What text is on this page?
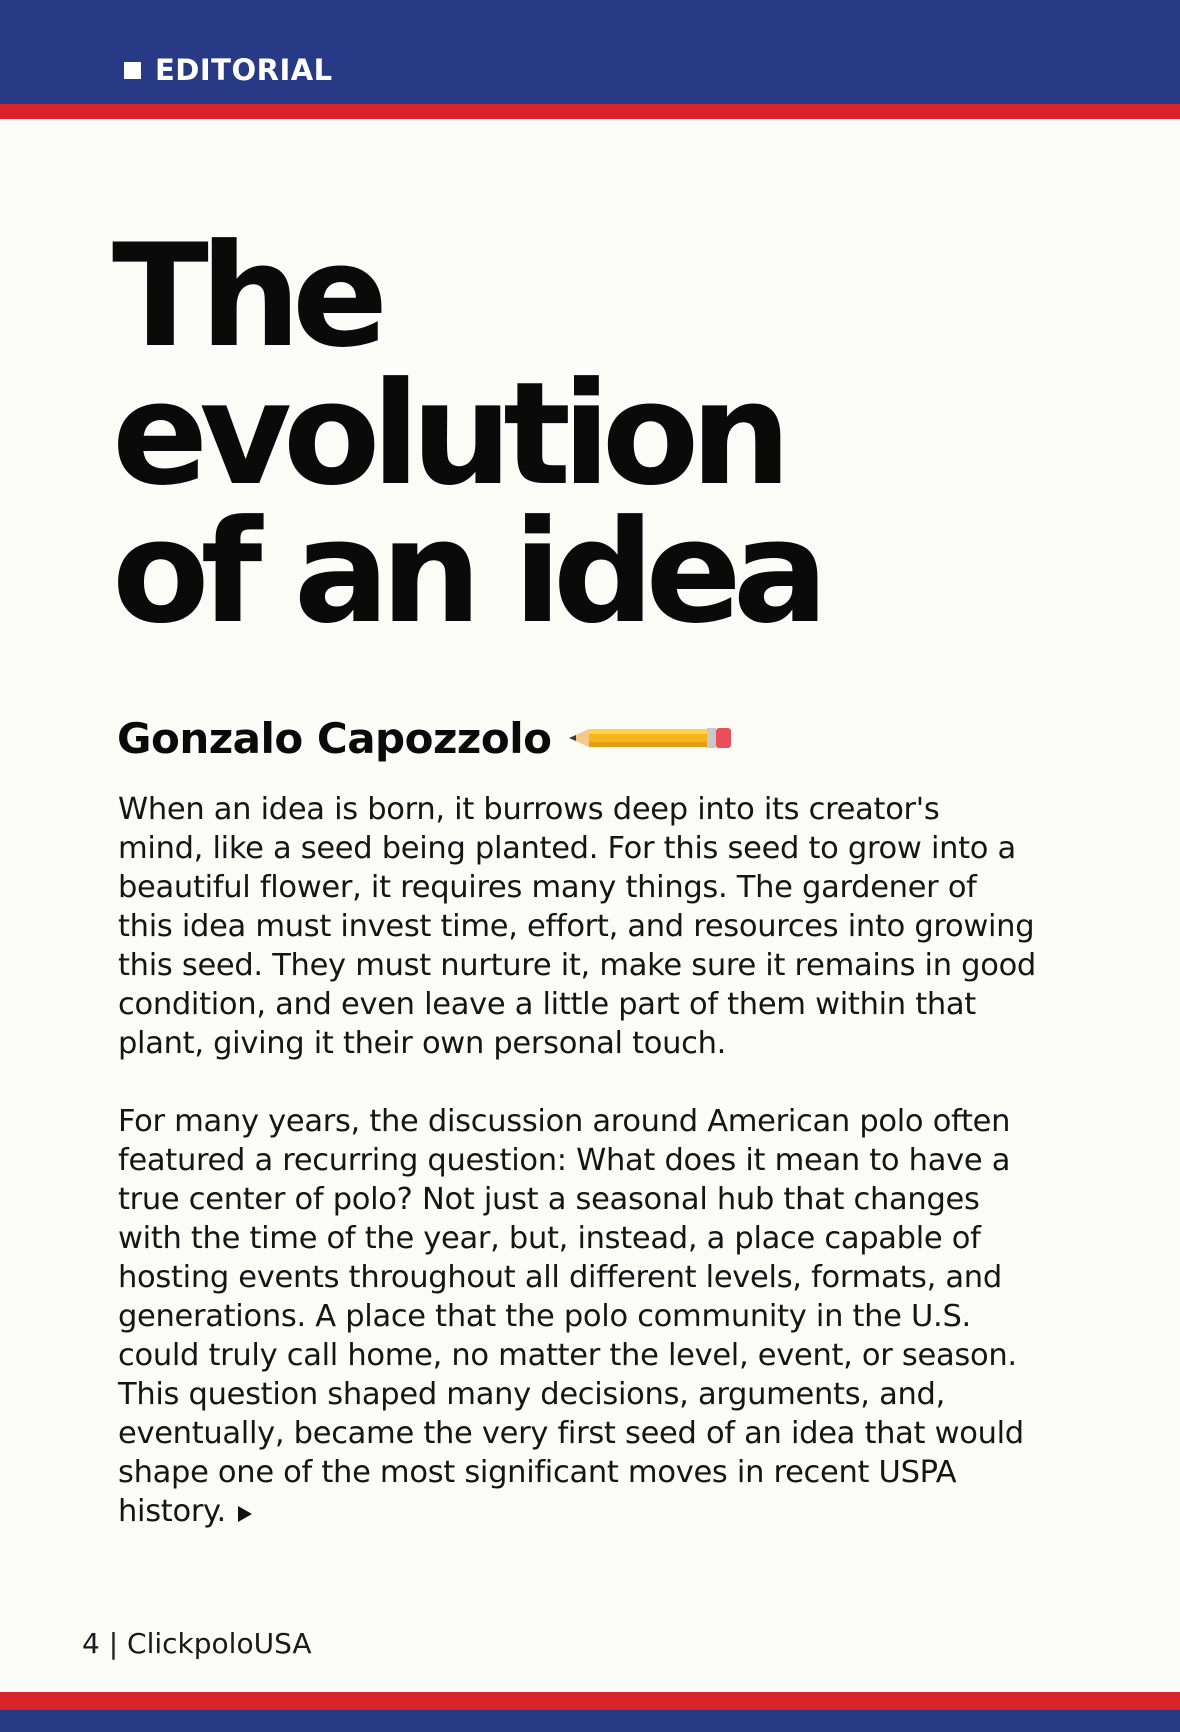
EDITORIAL
The
evolution
of an idea
Gonzalo Capozzolo

When an idea is born, it burrows deep into its creator's

mind, like a seed being planted. For this seed to grow into a

beautiful flower, it requires many things. The gardener of

this idea must invest time, effort, and resources into growing

this seed. They must nurture it, make sure it remains in good

condition, and even leave a little part of them within that

plant, giving it their own personal touch.

For many years, the discussion around American polo often

featured a recurring question: What does it mean to have a

true center of polo? Not just a seasonal hub that changes

with the time of the year, but, instead, a place capable of

hosting events throughout all different levels, formats, and

generations. A place that the polo community in the U.S.

could truly call home, no matter the level, event, or season.

This question shaped many decisions, arguments, and,

eventually, became the very first seed of an idea that would

shape one of the most significant moves in recent USPA

history.

4 | ClickpoloUSA
